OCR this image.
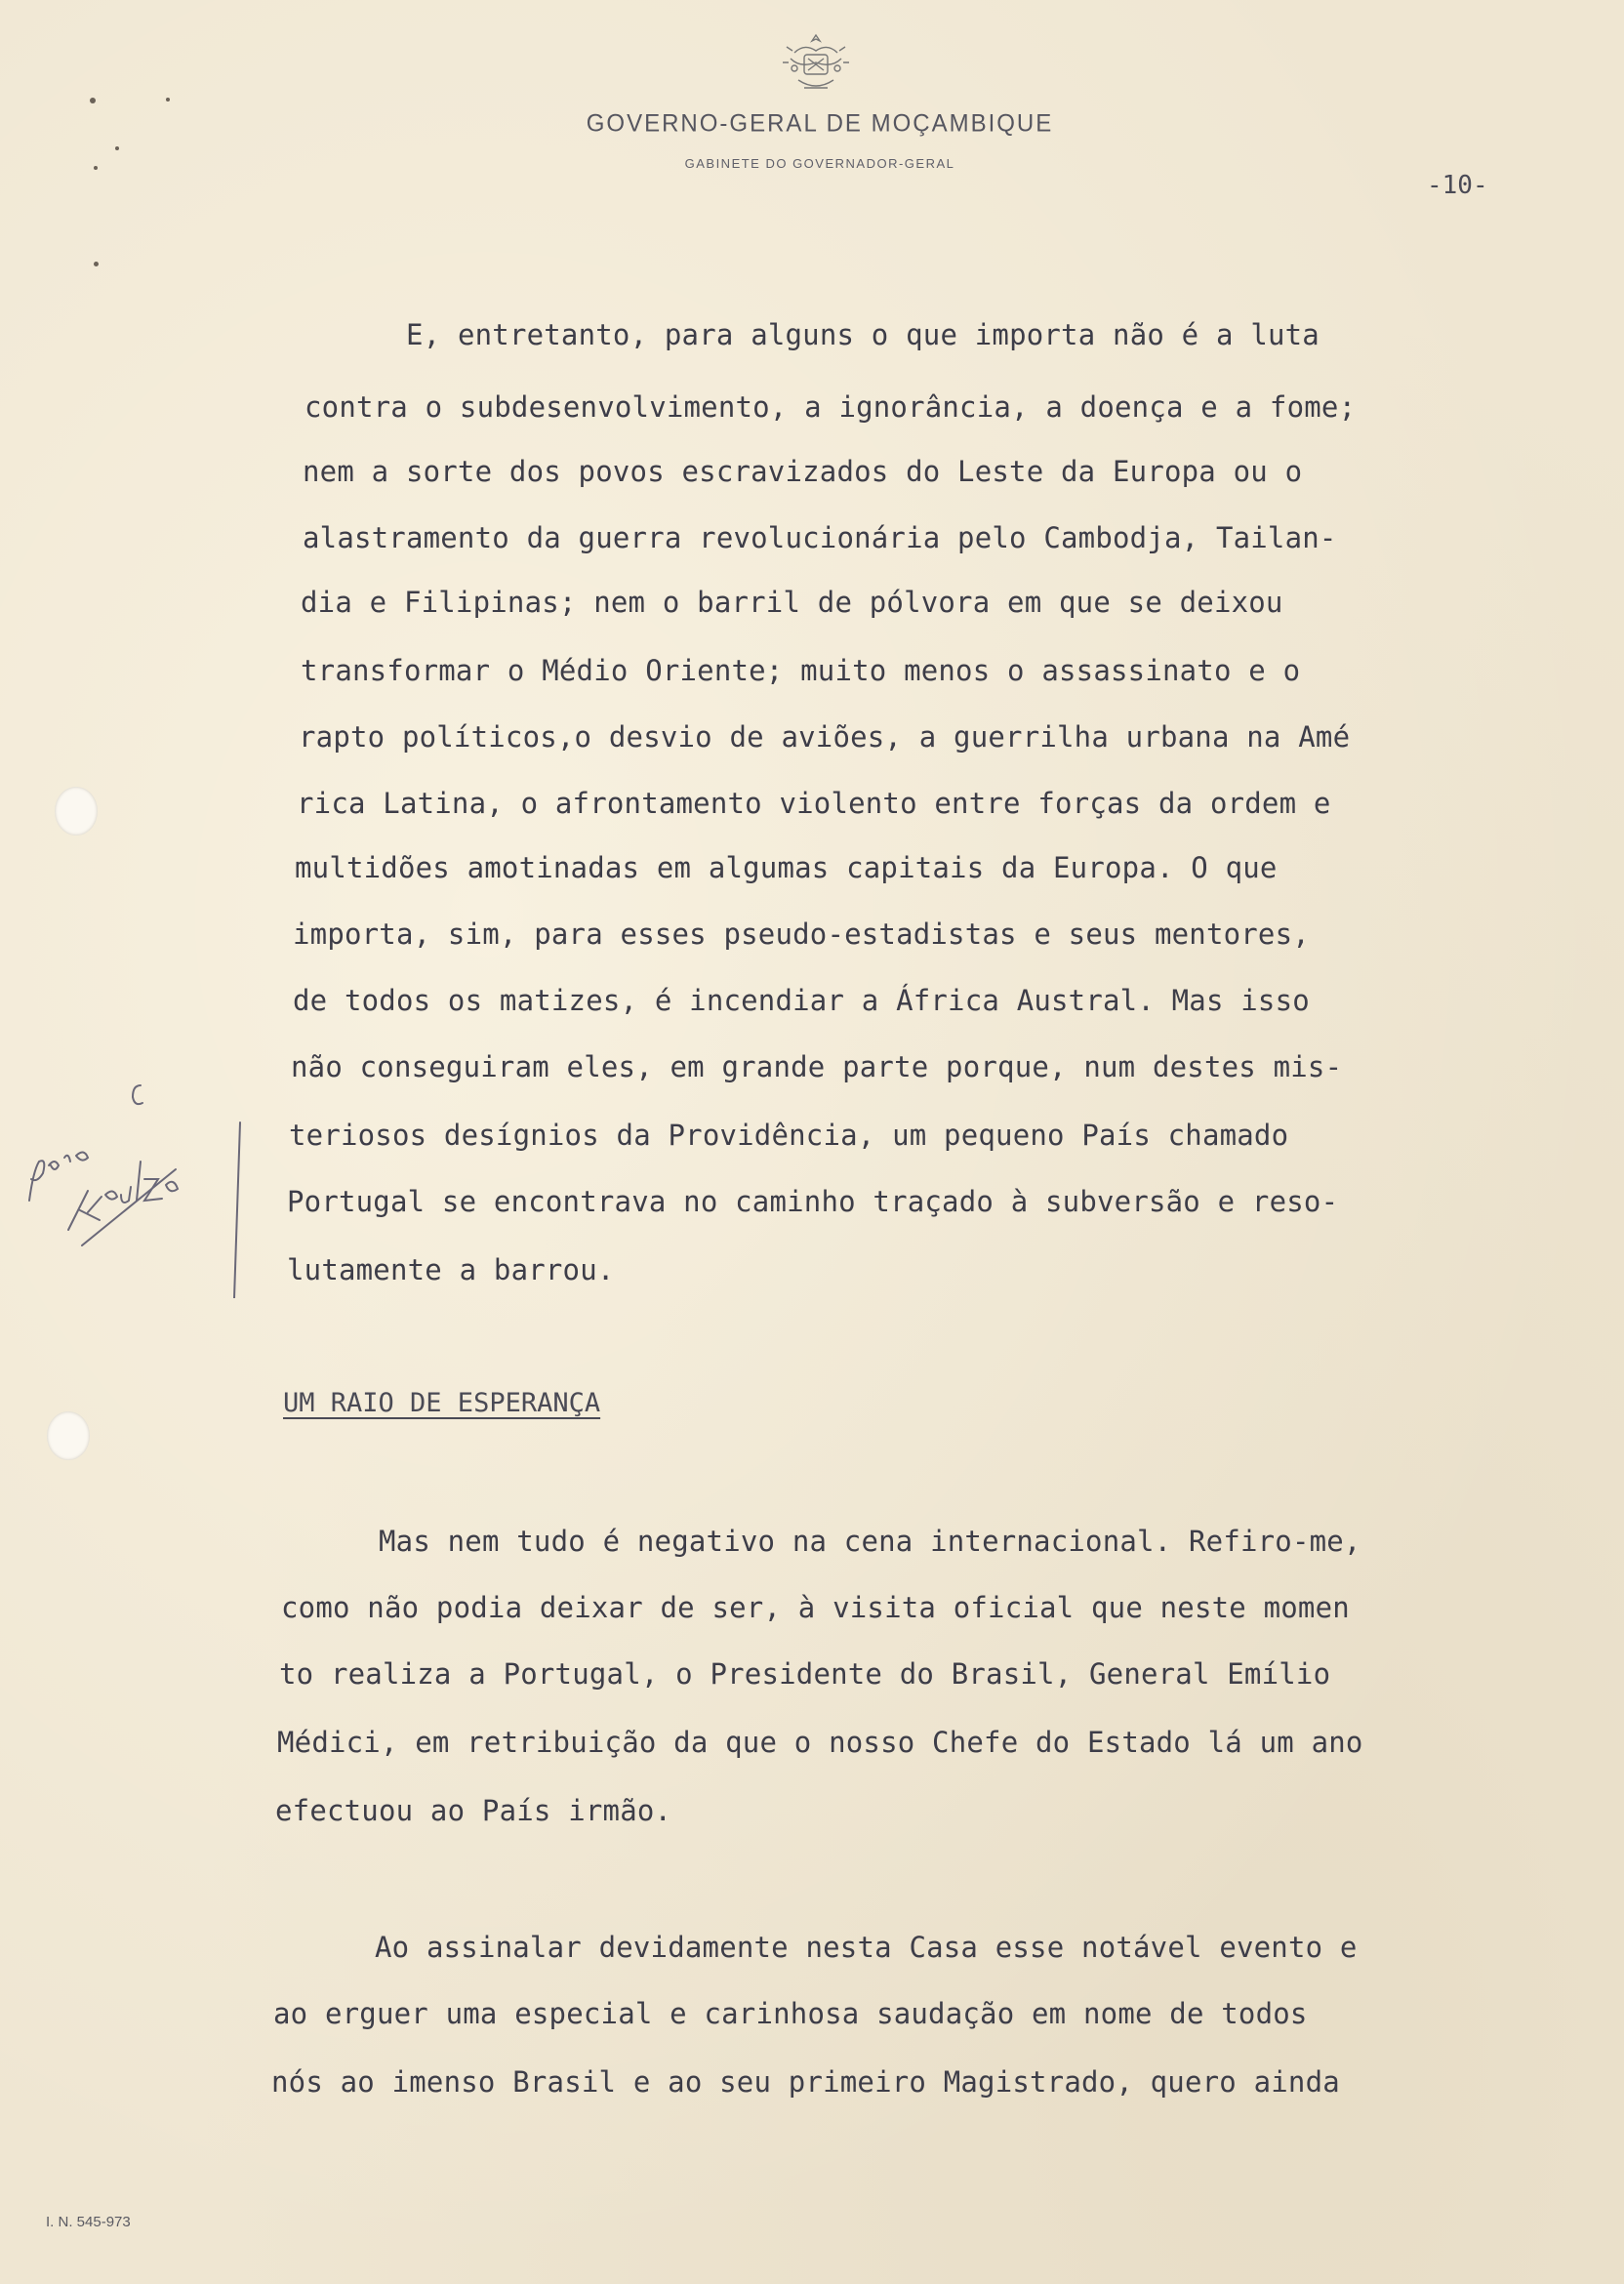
GOVERNO-GERAL DE MOÇAMBIQUE
GABINETE DO GOVERNADOR-GERAL
-10-
E, entretanto, para alguns o que importa não é a luta
contra o subdesenvolvimento, a ignorância, a doença e a fome;
nem a sorte dos povos escravizados do Leste da Europa ou o
alastramento da guerra revolucionária pelo Cambodja, Tailan-
dia e Filipinas; nem o barril de pólvora em que se deixou
transformar o Médio Oriente; muito menos o assassinato e o
rapto políticos,o desvio de aviões, a guerrilha urbana na Amé
rica Latina, o afrontamento violento entre forças da ordem e
multidões amotinadas em algumas capitais da Europa. O que
importa, sim, para esses pseudo-estadistas e seus mentores,
de todos os matizes, é incendiar a África Austral. Mas isso
não conseguiram eles, em grande parte porque, num destes mis-
teriosos desígnios da Providência, um pequeno País chamado
Portugal se encontrava no caminho traçado à subversão e reso-
lutamente a barrou.
UM RAIO DE ESPERANÇA
Mas nem tudo é negativo na cena internacional. Refiro-me,
como não podia deixar de ser, à visita oficial que neste momen
to realiza a Portugal, o Presidente do Brasil, General Emílio
Médici, em retribuição da que o nosso Chefe do Estado lá um ano
efectuou ao País irmão.
Ao assinalar devidamente nesta Casa esse notável evento e
ao erguer uma especial e carinhosa saudação em nome de todos
nós ao imenso Brasil e ao seu primeiro Magistrado, quero ainda
I. N. 545-973
